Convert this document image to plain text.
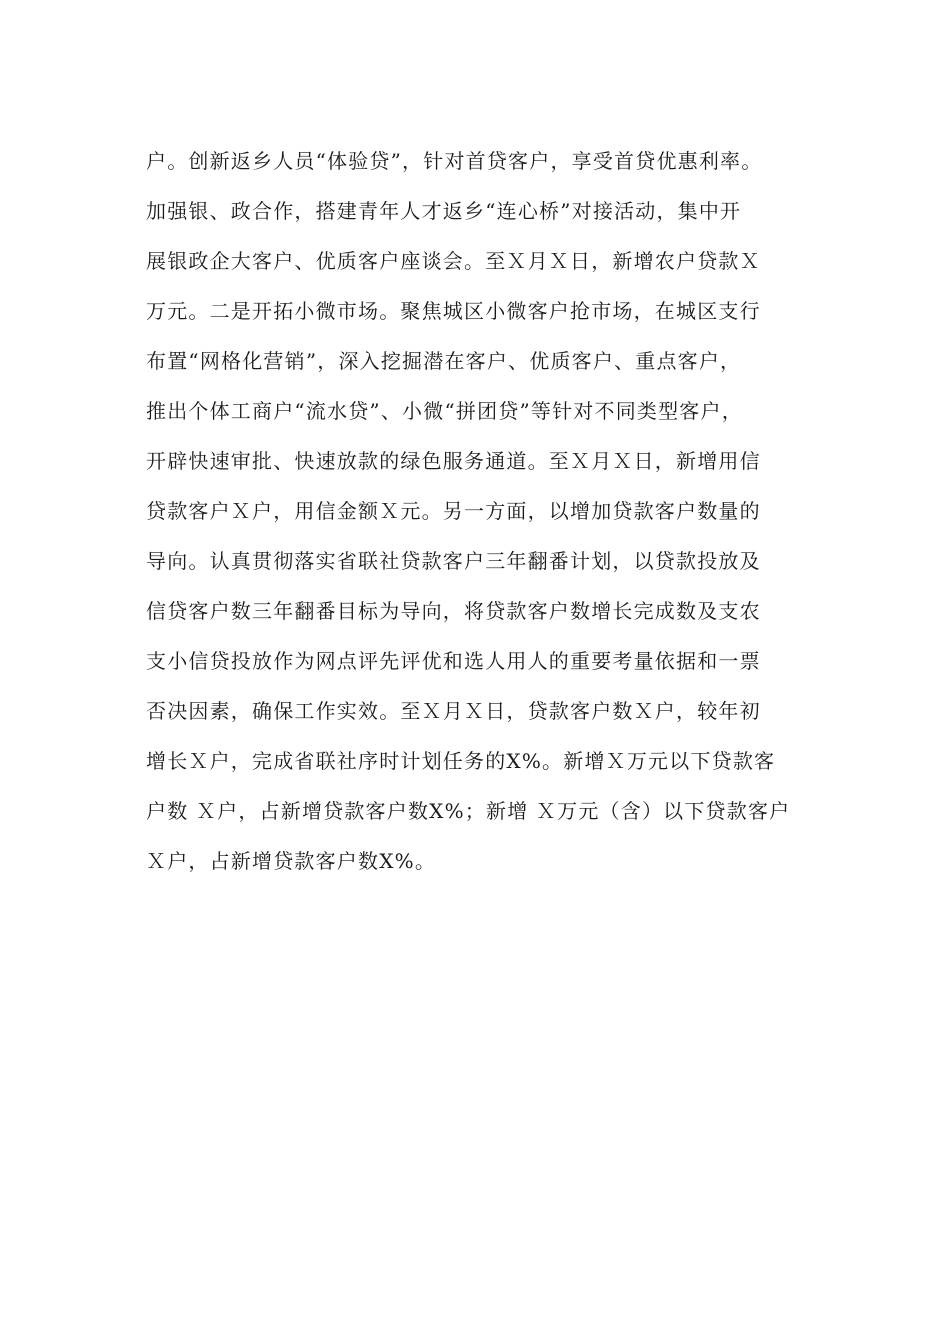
户。创新返乡人员“体验贷”，针对首贷客户，享受首贷优惠利率。
加强银、政合作，搭建青年人才返乡“连心桥”对接活动，集中开
展银政企大客户、优质客户座谈会。至Ｘ月Ｘ日，新增农户贷款Ｘ
万元。二是开拓小微市场。聚焦城区小微客户抢市场，在城区支行
布置“网格化营销”，深入挖掘潜在客户、优质客户、重点客户，
推出个体工商户“流水贷”、小微“拼团贷”等针对不同类型客户，
开辟快速审批、快速放款的绿色服务通道。至Ｘ月Ｘ日，新增用信
贷款客户Ｘ户，用信金额Ｘ元。另一方面，以增加贷款客户数量的
导向。认真贯彻落实省联社贷款客户三年翻番计划，以贷款投放及
信贷客户数三年翻番目标为导向，将贷款客户数增长完成数及支农
支小信贷投放作为网点评先评优和选人用人的重要考量依据和一票
否决因素，确保工作实效。至Ｘ月Ｘ日，贷款客户数Ｘ户，较年初
增长Ｘ户，完成省联社序时计划任务的X%。新增Ｘ万元以下贷款客
户数 Ｘ户，占新增贷款客户数X%；新增 Ｘ万元（含）以下贷款客户
Ｘ户，占新增贷款客户数X%。
